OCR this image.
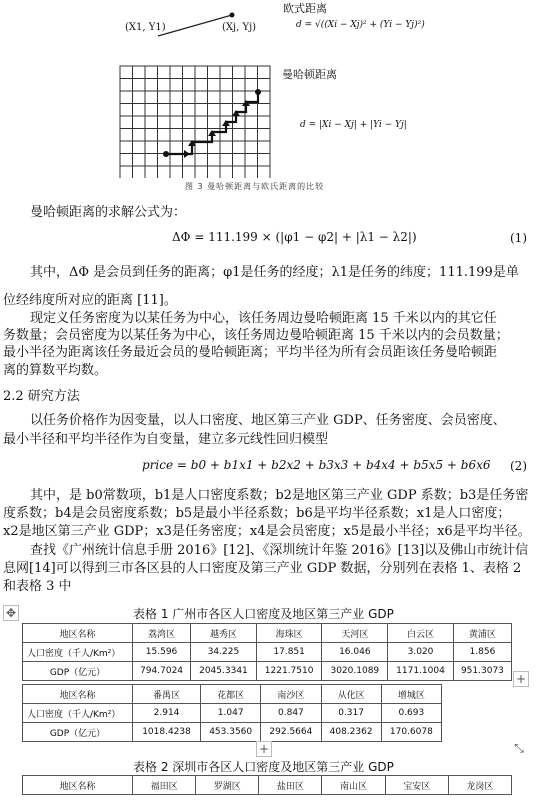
(X1, Y1)	(Xj, Yj)
欧式距离
d = √((Xi − Xj)² + (Yi − Yj)²)
曼哈顿距离
d = |Xi − Xj| + |Yi − Yj|
图 3 曼哈顿距离与欧氏距离的比较
曼哈顿距离的求解公式为：
ΔΦ = 111.199 × (|φ1 − φ2| + |λ1 − λ2|)	(1)
其中，ΔΦ 是会员到任务的距离；φ1是任务的经度；λ1是任务的纬度；111.199是单
位经纬度所对应的距离 [11]。
现定义任务密度为以某任务为中心，该任务周边曼哈顿距离 15 千米以内的其它任
务数量；会员密度为以某任务为中心，该任务周边曼哈顿距离 15 千米以内的会员数量；
最小半径为距离该任务最近会员的曼哈顿距离；平均半径为所有会员距该任务曼哈顿距
离的算数平均数。
2.2 研究方法
以任务价格作为因变量，以人口密度、地区第三产业 GDP、任务密度、会员密度、
最小半径和平均半径作为自变量，建立多元线性回归模型
price = b0 + b1x1 + b2x2 + b3x3 + b4x4 + b5x5 + b6x6 (2)
其中，是 b0常数项，b1是人口密度系数；b2是地区第三产业 GDP 系数；b3是任务密
度系数；b4是会员密度系数；b5是最小半径系数；b6是平均半径系数；x1是人口密度；
x2是地区第三产业 GDP；x3是任务密度；x4是会员密度；x5是最小半径；x6是平均半径。
查找《广州统计信息手册 2016》[12]、《深圳统计年鉴 2016》[13]以及佛山市统计信
息网[14]可以得到三市各区县的人口密度及第三产业 GDP 数据，分别列在表格 1、表格 2
和表格 3 中
✥	表格 1 广州市各区人口密度及地区第三产业 GDP
地区名称	荔湾区	越秀区	海珠区	天河区	白云区	黄浦区
人口密度（千人/Km²）	15.596	34.225	17.851	16.046	3.020	1.856
GDP（亿元）	794.7024	2045.3341	1221.7510	3020.1089	1171.1004	951.3073
+
地区名称	番禺区	花都区	南沙区	从化区	增城区
人口密度（千人/Km²）	2.914	1.047	0.847	0.317	0.693
GDP（亿元）	1018.4238	453.3560	292.5664	408.2362	170.6078
+	⤡
表格 2 深圳市各区人口密度及地区第三产业 GDP
地区名称	福田区	罗湖区	盐田区	南山区	宝安区	龙岗区
